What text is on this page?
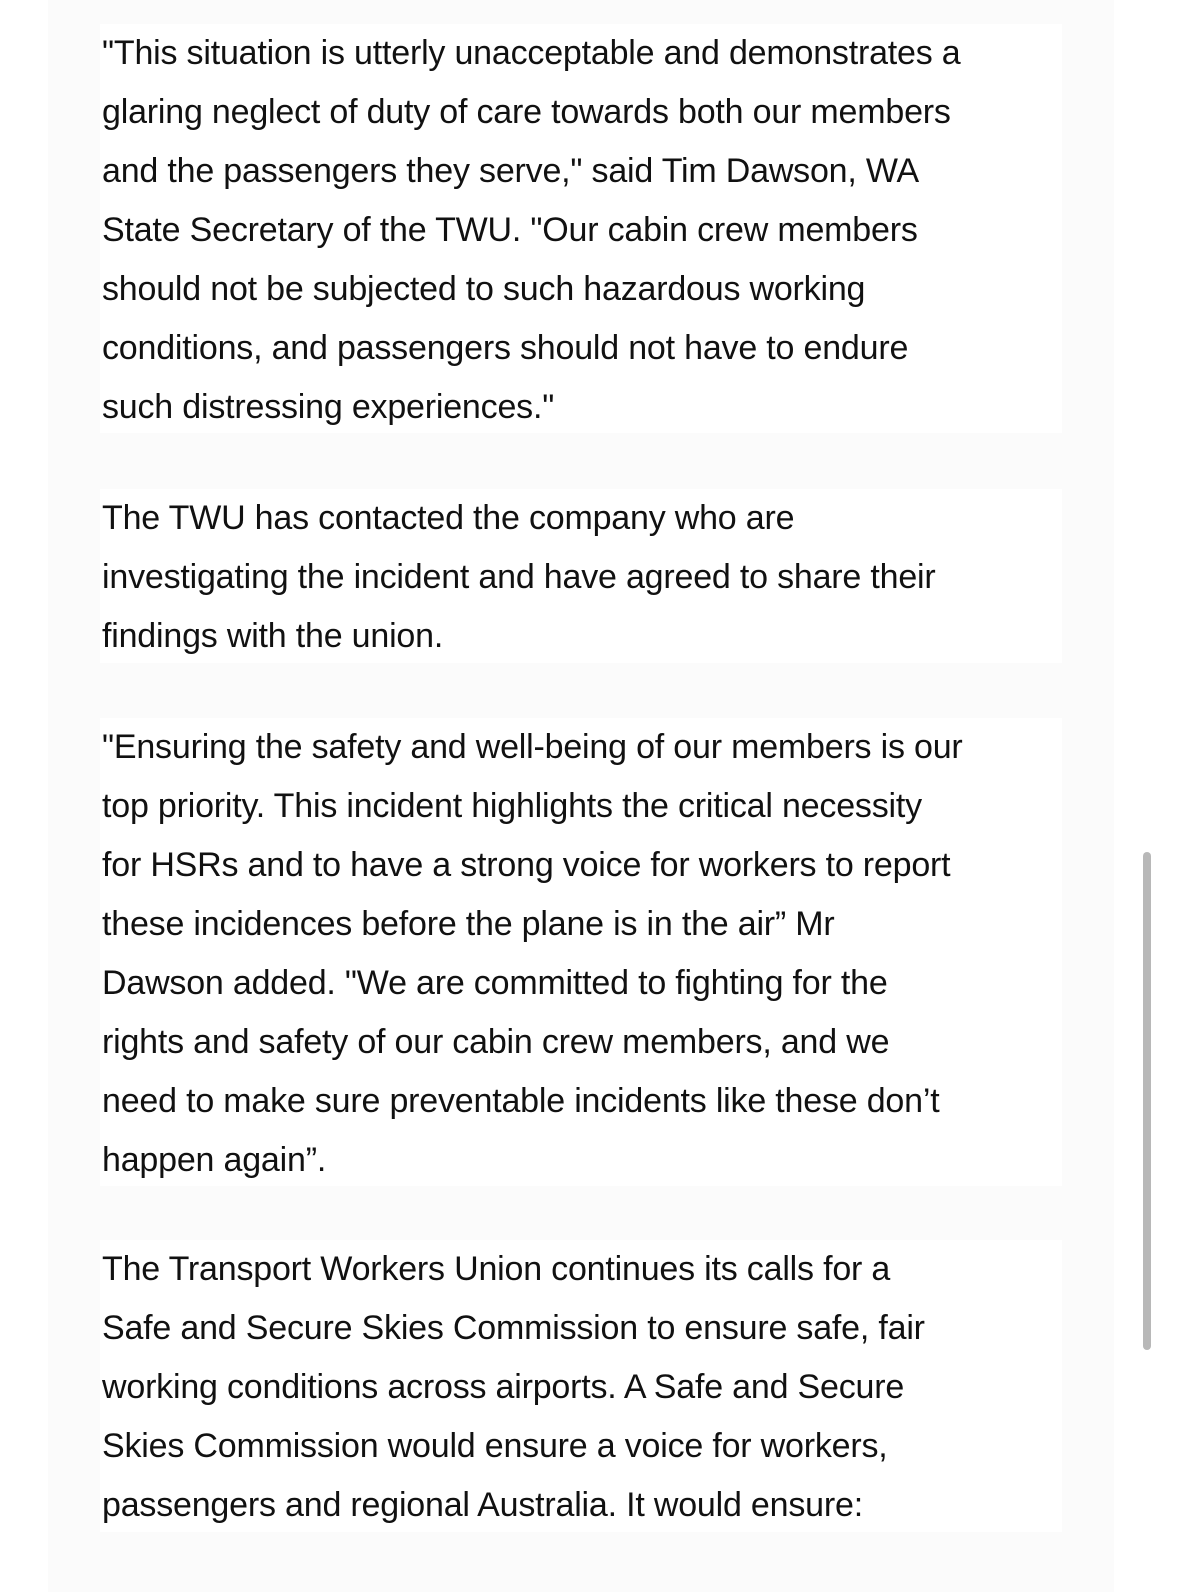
"This situation is utterly unacceptable and demonstrates a
glaring neglect of duty of care towards both our members
and the passengers they serve," said Tim Dawson, WA
State Secretary of the TWU. "Our cabin crew members
should not be subjected to such hazardous working
conditions, and passengers should not have to endure
such distressing experiences."
The TWU has contacted the company who are
investigating the incident and have agreed to share their
findings with the union.
"Ensuring the safety and well-being of our members is our
top priority. This incident highlights the critical necessity
for HSRs and to have a strong voice for workers to report
these incidences before the plane is in the air” Mr
Dawson added. "We are committed to fighting for the
rights and safety of our cabin crew members, and we
need to make sure preventable incidents like these don’t
happen again”.
The Transport Workers Union continues its calls for a
Safe and Secure Skies Commission to ensure safe, fair
working conditions across airports. A Safe and Secure
Skies Commission would ensure a voice for workers,
passengers and regional Australia. It would ensure:
